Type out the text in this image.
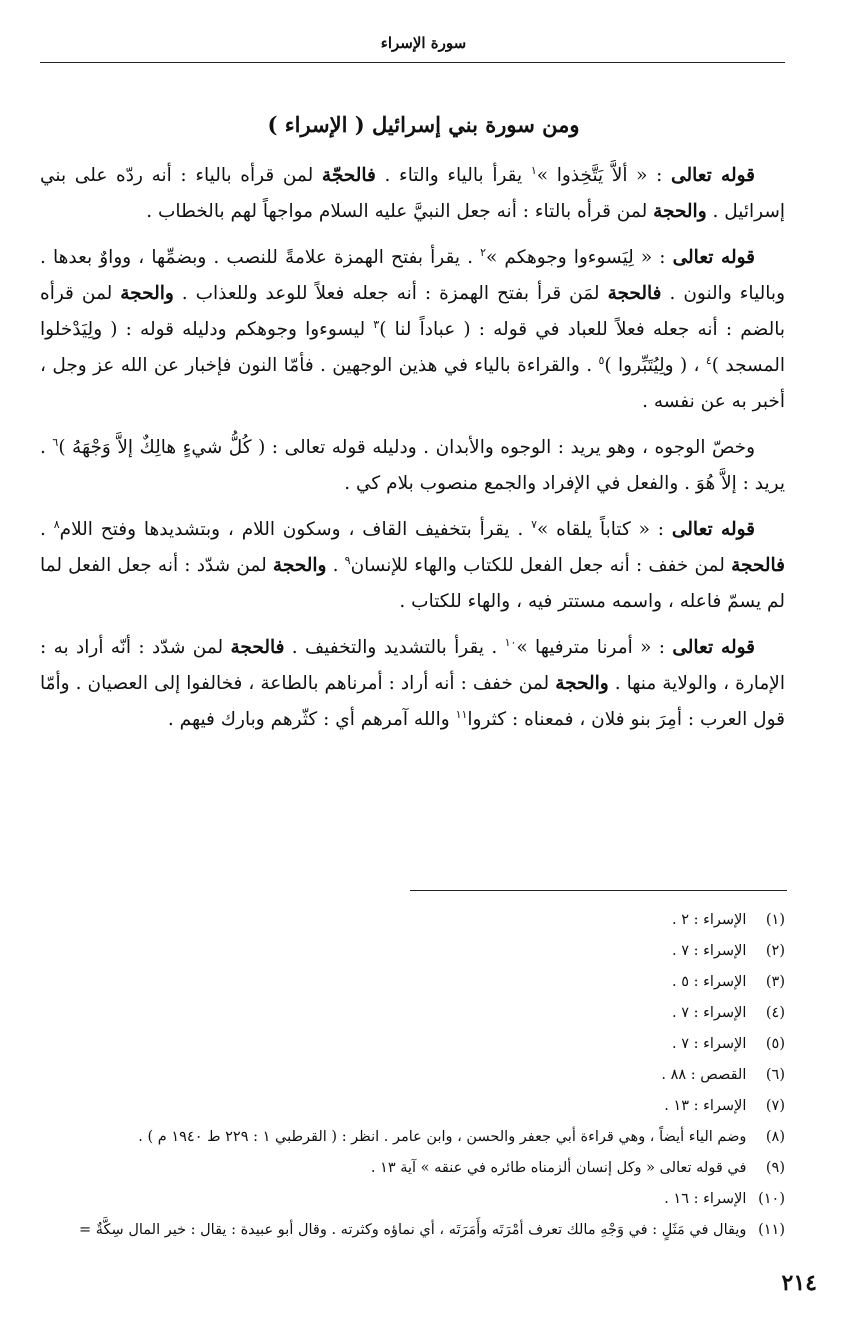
سورة الإسراء
ومن سورة بني إسرائيل ( الإسراء )

قوله تعالى : « ألاَّ يَتَّخِذوا »$^١$ يقرأ بالياء والتاء . فالحجّة لمن قرأه بالياء : أنه ردّه على بني إسرائيل . والحجة لمن قرأه بالتاء : أنه جعل النبيَّ عليه السلام مواجهاً لهم بالخطاب .

قوله تعالى : « لِيَسوءوا وجوهكم »$^٢$ . يقرأ بفتح الهمزة علامةً للنصب . وبضمِّها ، وواوٌ بعدها . وبالياء والنون . فالحجة لمَن قرأ بفتح الهمزة : أنه جعله فعلاً للوعد وللعذاب . والحجة لمن قرأه بالضم : أنه جعله فعلاً للعباد في قوله : ( عباداً لنا )$^٣$ ليسوءوا وجوهكم ودليله قوله : ( ولِيَدْخلوا المسجد )$^٤$ ، ( ولِيُتَبِّروا )$^٥$ . والقراءة بالياء في هذين الوجهين . فأمّا النون فإخبار عن الله عز وجل ، أخبر به عن نفسه .

وخصّ الوجوه ، وهو يريد : الوجوه والأبدان . ودليله قوله تعالى : ( كُلُّ شيءٍ هالِكٌ إلاَّ وَجْهَهُ )$^٦$ . يريد : إلاَّ هُوَ . والفعل في الإفراد والجمع منصوب بلام كي .

قوله تعالى : « كتاباً يلقاه »$^٧$ . يقرأ بتخفيف القاف ، وسكون اللام ، وبتشديدها وفتح اللام$^٨$ . فالحجة لمن خفف : أنه جعل الفعل للكتاب والهاء للإنسان$^٩$ . والحجة لمن شدّد : أنه جعل الفعل لما لم يسمّ فاعله ، واسمه مستتر فيه ، والهاء للكتاب .

قوله تعالى : « أمرنا مترفيها »$^{١٠}$ . يقرأ بالتشديد والتخفيف . فالحجة لمن شدّد : أنّه أراد به : الإمارة ، والولاية منها . والحجة لمن خفف : أنه أراد : أمرناهم بالطاعة ، فخالفوا إلى العصيان . وأمّا قول العرب : أمِرَ بنو فلان ، فمعناه : كثروا$^{١١}$ والله آمرهم أي : كثّرهم وبارك فيهم .

(١) الإسراء : ٢ .
(٢) الإسراء : ٧ .
(٣) الإسراء : ٥ .
(٤) الإسراء : ٧ .
(٥) الإسراء : ٧ .
(٦) القصص : ٨٨ .
(٧) الإسراء : ١٣ .
(٨) وضم الياء أيضاً ، وهي قراءة أبي جعفر والحسن ، وابن عامر . انظر : ( القرطبي ١ : ٢٢٩ ط ١٩٤٠ م ) .
(٩) في قوله تعالى « وكل إنسان ألزمناه طائره في عنقه » آية ١٣ .
(١٠) الإسراء : ١٦ .
(١١) ويقال في مَثَلٍ : في وَجْهِ مالك تعرف أمْرَتَه وأَمَرَتَه ، أي نماؤه وكثرته . وقال أبو عبيدة : يقال : خير المال سِكَّةٌ =
٢١٤
